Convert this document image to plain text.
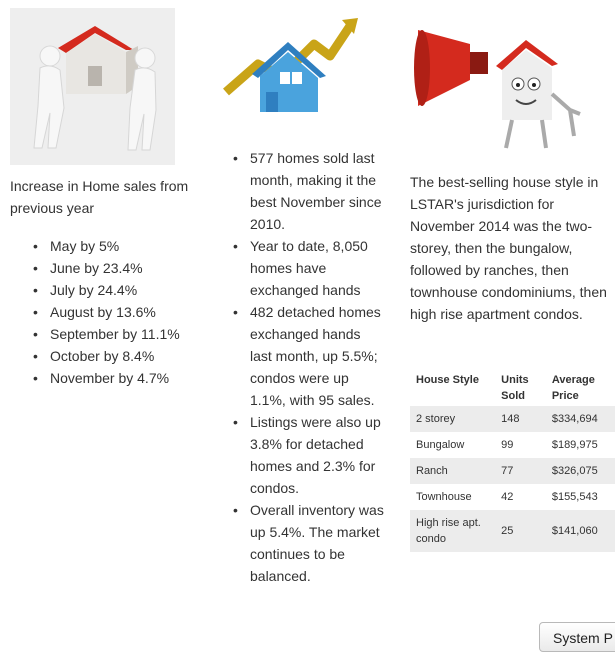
Increase in Home sales from previous year
• May by 5%
• June by 23.4%
• July by 24.4%
• August by 13.6%
• September by 11.1%
• October by 8.4%
• November by 4.7%
• 577 homes sold last month, making it the best November since 2010.
• Year to date, 8,050 homes have exchanged hands
• 482 detached homes exchanged hands last month, up 5.5%; condos were up 1.1%, with 95 sales.
• Listings were also up 3.8% for detached homes and 2.3% for condos.
• Overall inventory was up 5.4%. The market continues to be balanced.
The best-selling house style in LSTAR's jurisdiction for November 2014 was the two-storey, then the bungalow, followed by ranches, then townhouse condominiums, then high rise apartment condos.
House Style	Units Sold	Average Price
2 storey	148	$334,694
Bungalow	99	$189,975
Ranch	77	$326,075
Townhouse	42	$155,543
High rise apt. condo	25	$141,060
System P
